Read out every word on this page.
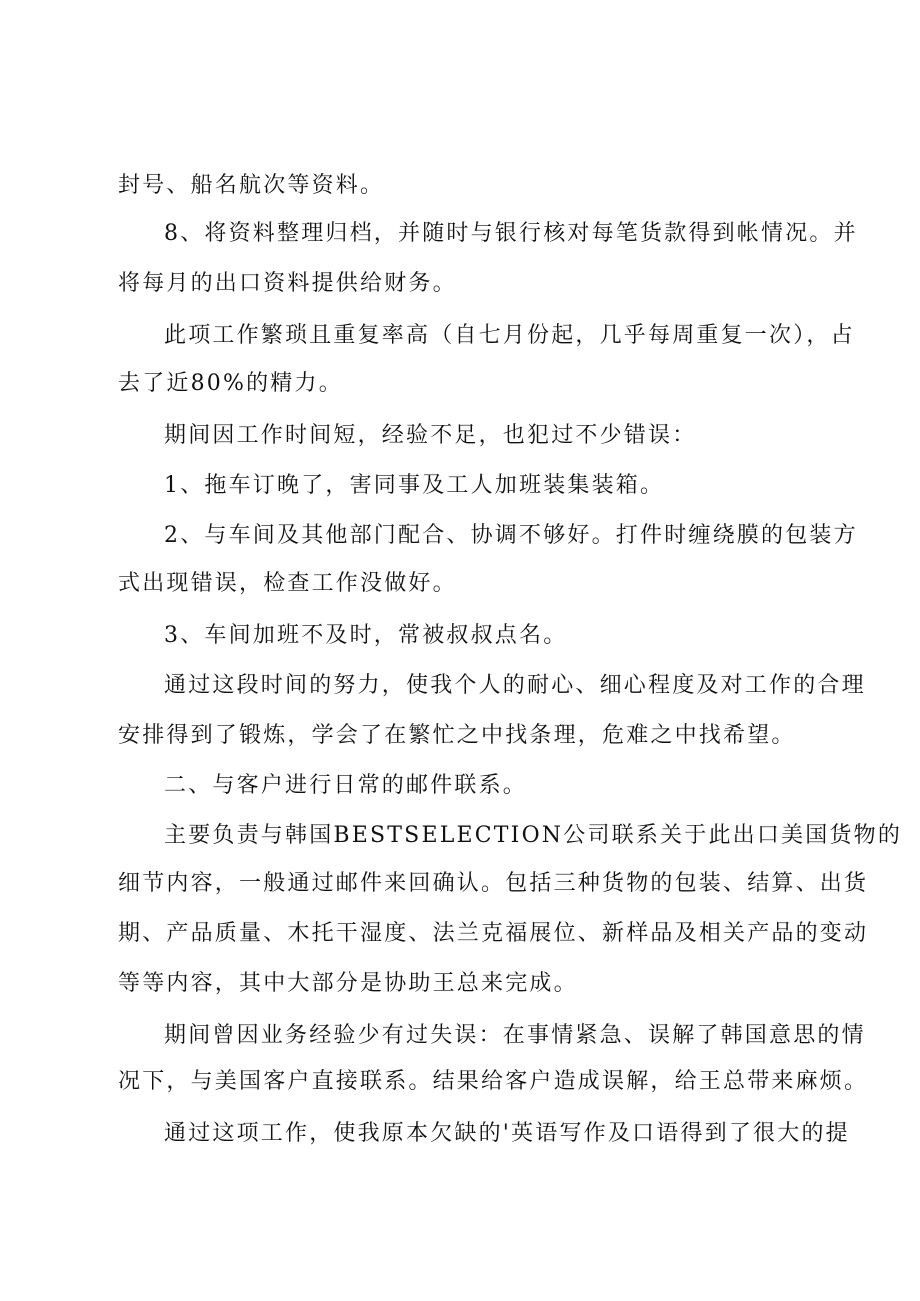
封号、船名航次等资料。
8、将资料整理归档，并随时与银行核对每笔货款得到帐情况。并
将每月的出口资料提供给财务。
此项工作繁琐且重复率高（自七月份起，几乎每周重复一次），占
去了近80%的精力。
期间因工作时间短，经验不足，也犯过不少错误：
1、拖车订晚了，害同事及工人加班装集装箱。
2、与车间及其他部门配合、协调不够好。打件时缠绕膜的包装方
式出现错误，检查工作没做好。
3、车间加班不及时，常被叔叔点名。
通过这段时间的努力，使我个人的耐心、细心程度及对工作的合理
安排得到了锻炼，学会了在繁忙之中找条理，危难之中找希望。
二、与客户进行日常的邮件联系。
主要负责与韩国BESTSELECTION公司联系关于此出口美国货物的
细节内容，一般通过邮件来回确认。包括三种货物的包装、结算、出货
期、产品质量、木托干湿度、法兰克福展位、新样品及相关产品的变动
等等内容，其中大部分是协助王总来完成。
期间曾因业务经验少有过失误：在事情紧急、误解了韩国意思的情
况下，与美国客户直接联系。结果给客户造成误解，给王总带来麻烦。
通过这项工作，使我原本欠缺的'英语写作及口语得到了很大的提
